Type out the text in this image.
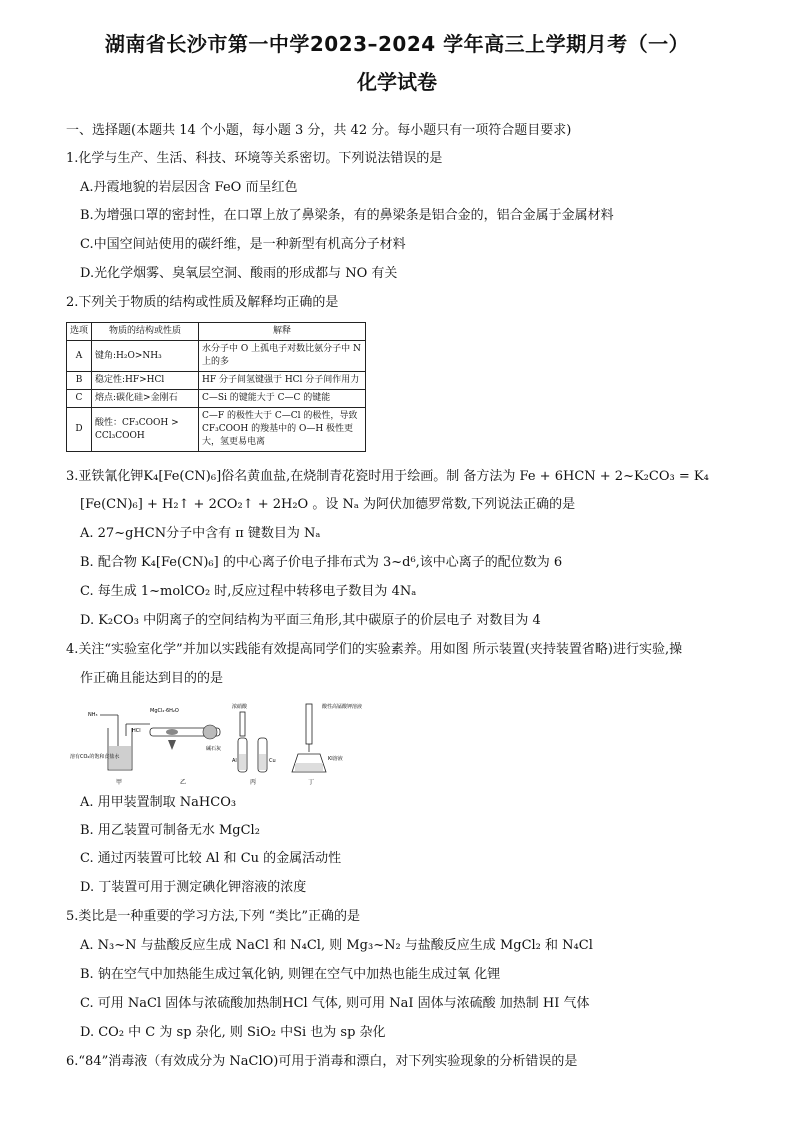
湖南省长沙市第一中学2023–2024 学年高三上学期月考（一）
化学试卷
一、选择题(本题共 14 个小题，每小题 3 分，共 42 分。每小题只有一项符合题目要求)
1.化学与生产、生活、科技、环境等关系密切。下列说法错误的是
A.丹霞地貌的岩层因含 FeO 而呈红色
B.为增强口罩的密封性，在口罩上放了鼻梁条，有的鼻梁条是铝合金的，铝合金属于金属材料
C.中国空间站使用的碳纤维，是一种新型有机高分子材料
D.光化学烟雾、臭氧层空洞、酸雨的形成都与 NO 有关
2.下列关于物质的结构或性质及解释均正确的是
选项	物质的结构或性质	解释
A	键角:H₂O>NH₃	水分子中 O 上孤电子对数比氨分子中 N 上的多
B	稳定性:HF>HCl	HF 分子间氢键强于 HCl 分子间作用力
C	熔点:碳化硅>金刚石	C—Si 的键能大于 C—C 的键能
D	酸性：CF₃COOH > CCl₃COOH	C—F 的极性大于 C—Cl 的极性，导致 CF₃COOH 的羧基中的 O—H 极性更大，氢更易电离
3.亚铁氰化钾K₄[Fe(CN)₆]俗名黄血盐,在烧制青花瓷时用于绘画。制 备方法为 Fe + 6HCN + 2~K₂CO₃ = K₄
[Fe(CN)₆] + H₂↑ + 2CO₂↑ + 2H₂O 。设 Nₐ 为阿伏加德罗常数,下列说法正确的是
A. 27~gHCN分子中含有 π 键数目为 Nₐ
B. 配合物 K₄[Fe(CN)₆] 的中心离子价电子排布式为 3~d⁶,该中心离子的配位数为 6
C. 每生成 1~molCO₂ 时,反应过程中转移电子数目为 4Nₐ
D. K₂CO₃ 中阴离子的空间结构为平面三角形,其中碳原子的价层电子 对数目为 4
4.关注“实验室化学”并加以实践能有效提高同学们的实验素养。用如图 所示装置(夹持装置省略)进行实验,操
作正确且能达到目的的是
NH₃
溶有CO₂的饱和食盐水
甲
HCl
MgCl₂·6H₂O
碱石灰
乙
浓硝酸
Al	Cu
丙
酸性高锰酸钾溶液
KI溶液
丁
A. 用甲装置制取 NaHCO₃
B. 用乙装置可制备无水 MgCl₂
C. 通过丙装置可比较 Al 和 Cu 的金属活动性
D. 丁装置可用于测定碘化钾溶液的浓度
5.类比是一种重要的学习方法,下列 “类比”正确的是
A. N₃~N 与盐酸反应生成 NaCl 和 N₄Cl, 则 Mg₃~N₂ 与盐酸反应生成 MgCl₂ 和 N₄Cl
B. 钠在空气中加热能生成过氧化钠, 则锂在空气中加热也能生成过氧 化锂
C. 可用 NaCl 固体与浓硫酸加热制HCl 气体, 则可用 NaI 固体与浓硫酸 加热制 HI 气体
D. CO₂ 中 C 为 sp 杂化, 则 SiO₂ 中Si 也为 sp 杂化
6.“84”消毒液（有效成分为 NaClO)可用于消毒和漂白，对下列实验现象的分析错误的是
